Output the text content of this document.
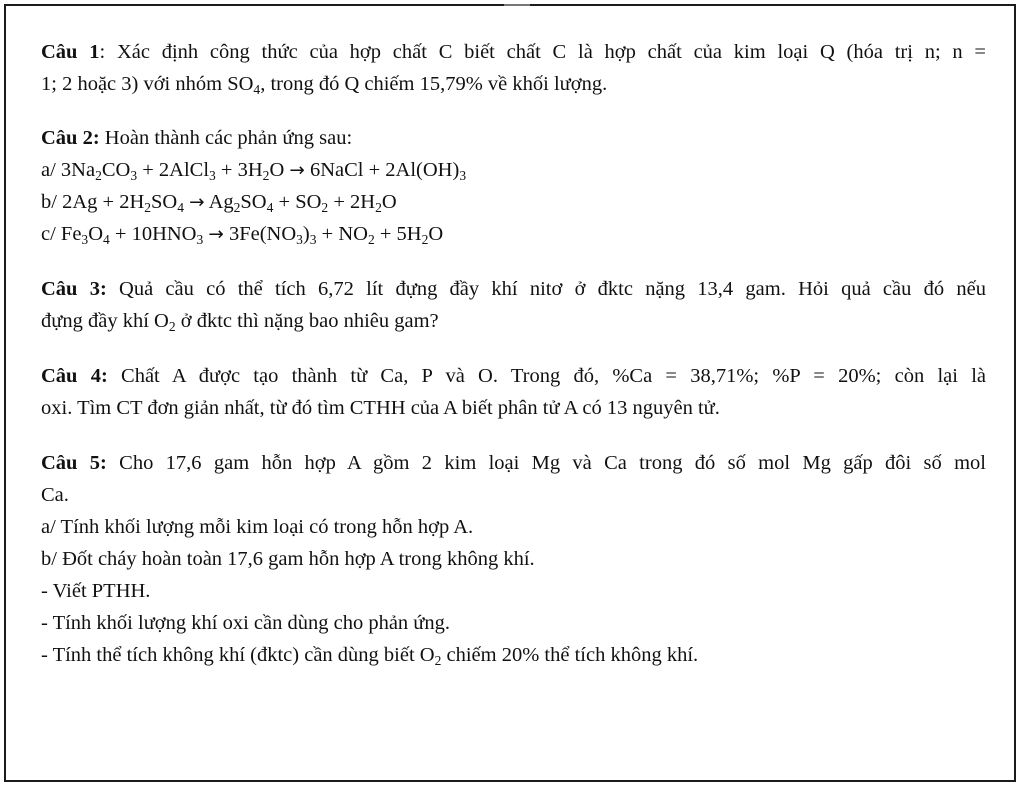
Câu 1: Xác định công thức của hợp chất C biết chất C là hợp chất của kim loại Q (hóa trị n; n =
1; 2 hoặc 3) với nhóm $SO_4$, trong đó Q chiếm 15,79% về khối lượng.
Câu 2: Hoàn thành các phản ứng sau:
a/ $3Na_2CO_3$ + 2AlCl$_3$ + $3H_2O$ → 6NaCl + $2Al(OH)_3$
b/ $2Ag + 2H_2SO_4 \to Ag_2SO_4 + SO_2 + 2H_2O$
c/ $Fe_3O_4 + 10HNO_3 \to 3Fe(NO_3)_3 + NO_2 + 5H_2O$
Câu 3: Quả cầu có thể tích 6,72 lít đựng đầy khí nitơ ở đktc nặng 13,4 gam. Hỏi quả cầu đó nếu
đựng đầy khí $O_2$ ở đktc thì nặng bao nhiêu gam?
Câu 4: Chất A được tạo thành từ Ca, P và O. Trong đó, %Ca = 38,71%; %P = 20%; còn lại là
oxi. Tìm CT đơn giản nhất, từ đó tìm CTHH của A biết phân tử A có 13 nguyên tử.
Câu 5: Cho 17,6 gam hỗn hợp A gồm 2 kim loại Mg và Ca trong đó số mol Mg gấp đôi số mol
Ca.
a/ Tính khối lượng mỗi kim loại có trong hỗn hợp A.
b/ Đốt cháy hoàn toàn 17,6 gam hỗn hợp A trong không khí.
- Viết PTHH.
- Tính khối lượng khí oxi cần dùng cho phản ứng.
- Tính thể tích không khí (đktc) cần dùng biết $O_2$ chiếm 20% thể tích không khí.
